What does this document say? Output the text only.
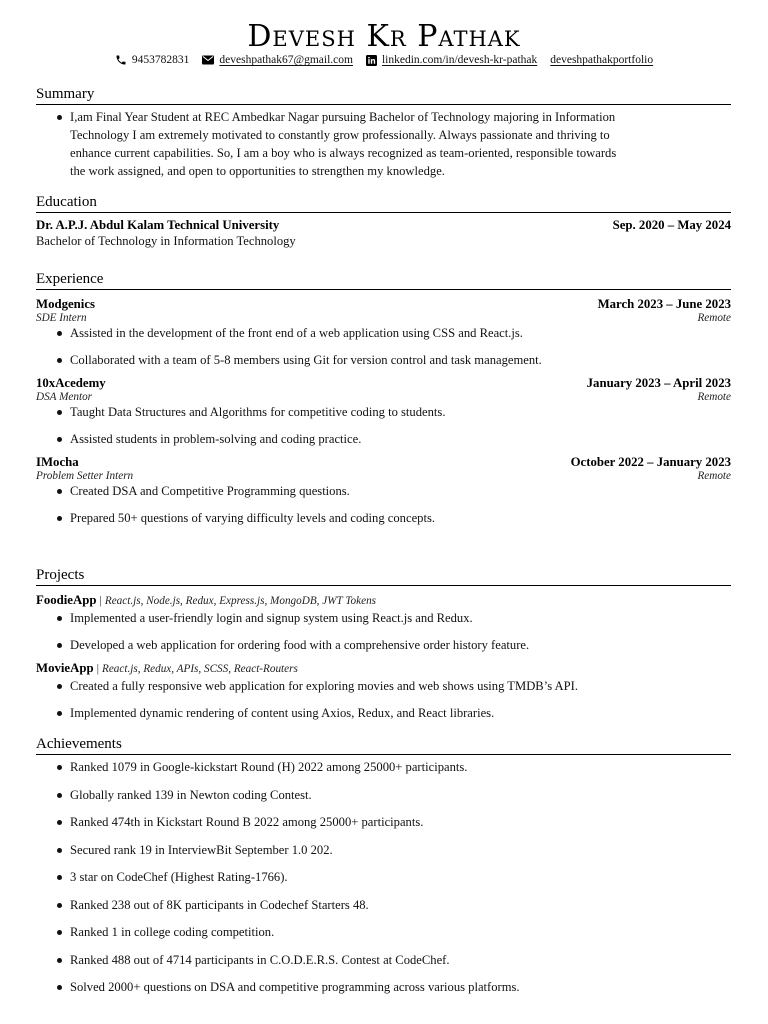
Devesh Kr Pathak
9453782831	deveshpathak67@gmail.com	linkedin.com/in/devesh-kr-pathak deveshpathakportfolio
Summary
I,am Final Year Student at REC Ambedkar Nagar pursuing Bachelor of Technology majoring in Information
Technology I am extremely motivated to constantly grow professionally. Always passionate and thriving to
enhance current capabilities. So, I am a boy who is always recognized as team-oriented, responsible towards
the work assigned, and open to opportunities to strengthen my knowledge.
Education
Dr. A.P.J. Abdul Kalam Technical University	Sep. 2020 – May 2024
Bachelor of Technology in Information Technology
Experience
Modgenics	March 2023 – June 2023
SDE Intern	Remote
Assisted in the development of the front end of a web application using CSS and React.js.
Collaborated with a team of 5-8 members using Git for version control and task management.
10xAcedemy	January 2023 – April 2023
DSA Mentor	Remote
Taught Data Structures and Algorithms for competitive coding to students.
Assisted students in problem-solving and coding practice.
IMocha	October 2022 – January 2023
Problem Setter Intern	Remote
Created DSA and Competitive Programming questions.
Prepared 50+ questions of varying difficulty levels and coding concepts.
Projects
FoodieApp | React.js, Node.js, Redux, Express.js, MongoDB, JWT Tokens
Implemented a user-friendly login and signup system using React.js and Redux.
Developed a web application for ordering food with a comprehensive order history feature.
MovieApp | React.js, Redux, APIs, SCSS, React-Routers
Created a fully responsive web application for exploring movies and web shows using TMDB’s API.
Implemented dynamic rendering of content using Axios, Redux, and React libraries.
Achievements
Ranked 1079 in Google-kickstart Round (H) 2022 among 25000+ participants.
Globally ranked 139 in Newton coding Contest.
Ranked 474th in Kickstart Round B 2022 among 25000+ participants.
Secured rank 19 in InterviewBit September 1.0 202.
3 star on CodeChef (Highest Rating-1766).
Ranked 238 out of 8K participants in Codechef Starters 48.
Ranked 1 in college coding competition.
Ranked 488 out of 4714 participants in C.O.D.E.R.S. Contest at CodeChef.
Solved 2000+ questions on DSA and competitive programming across various platforms.
